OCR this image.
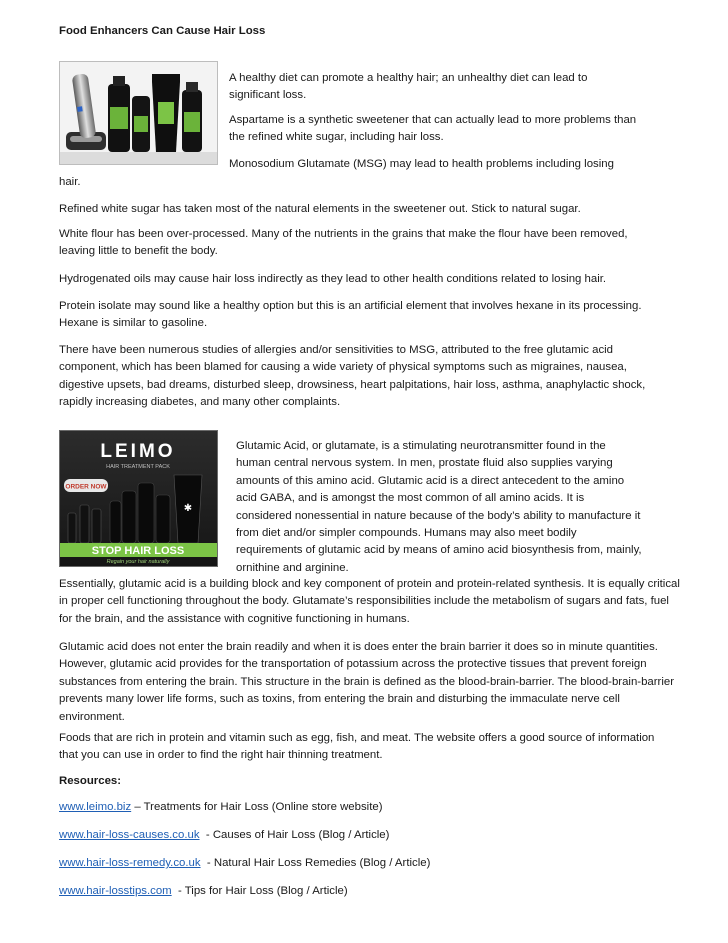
Food Enhancers Can Cause Hair Loss

A healthy diet can promote a healthy hair; an unhealthy diet can lead to significant loss.

Aspartame is a synthetic sweetener that can actually lead to more problems than the refined white sugar, including hair loss.

Monosodium Glutamate (MSG) may lead to health problems including losing

hair.

Refined white sugar has taken most of the natural elements in the sweetener out. Stick to natural sugar.

White flour has been over-processed. Many of the nutrients in the grains that make the flour have been removed, leaving little to benefit the body.

Hydrogenated oils may cause hair loss indirectly as they lead to other health conditions related to losing hair.

Protein isolate may sound like a healthy option but this is an artificial element that involves hexane in its processing. Hexane is similar to gasoline.

There have been numerous studies of allergies and/or sensitivities to MSG, attributed to the free glutamic acid component, which has been blamed for causing a wide variety of physical symptoms such as migraines, nausea, digestive upsets, bad dreams, disturbed sleep, drowsiness, heart palpitations, hair loss, asthma, anaphylactic shock, rapidly increasing diabetes, and many other complaints.

LEIMO
HAIR TREATMENT PACK
ORDER NOW
✱
STOP HAIR LOSS
Regain your hair naturally

Glutamic Acid, or glutamate, is a stimulating neurotransmitter found in the human central nervous system. In men, prostate fluid also supplies varying amounts of this amino acid. Glutamic acid is a direct antecedent to the amino acid GABA, and is amongst the most common of all amino acids. It is considered nonessential in nature because of the body’s ability to manufacture it from diet and/or simpler compounds. Humans may also meet bodily requirements of glutamic acid by means of amino acid biosynthesis from, mainly, ornithine and arginine.

Essentially, glutamic acid is a building block and key component of protein and protein-related synthesis. It is equally critical in proper cell functioning throughout the body. Glutamate’s responsibilities include the metabolism of sugars and fats, fuel for the brain, and the assistance with cognitive functioning in humans.

Glutamic acid does not enter the brain readily and when it is does enter the brain barrier it does so in minute quantities. However, glutamic acid provides for the transportation of potassium across the protective tissues that prevent foreign substances from entering the brain. This structure in the brain is defined as the blood-brain-barrier. The blood-brain-barrier prevents many lower life forms, such as toxins, from entering the brain and disturbing the immaculate nerve cell environment.

Foods that are rich in protein and vitamin such as egg, fish, and meat. The website offers a good source of information that you can use in order to find the right hair thinning treatment.

Resources:

www.leimo.biz – Treatments for Hair Loss (Online store website)

www.hair-loss-causes.co.uk  - Causes of Hair Loss (Blog / Article)

www.hair-loss-remedy.co.uk  - Natural Hair Loss Remedies (Blog / Article)

www.hair-losstips.com  - Tips for Hair Loss (Blog / Article)
